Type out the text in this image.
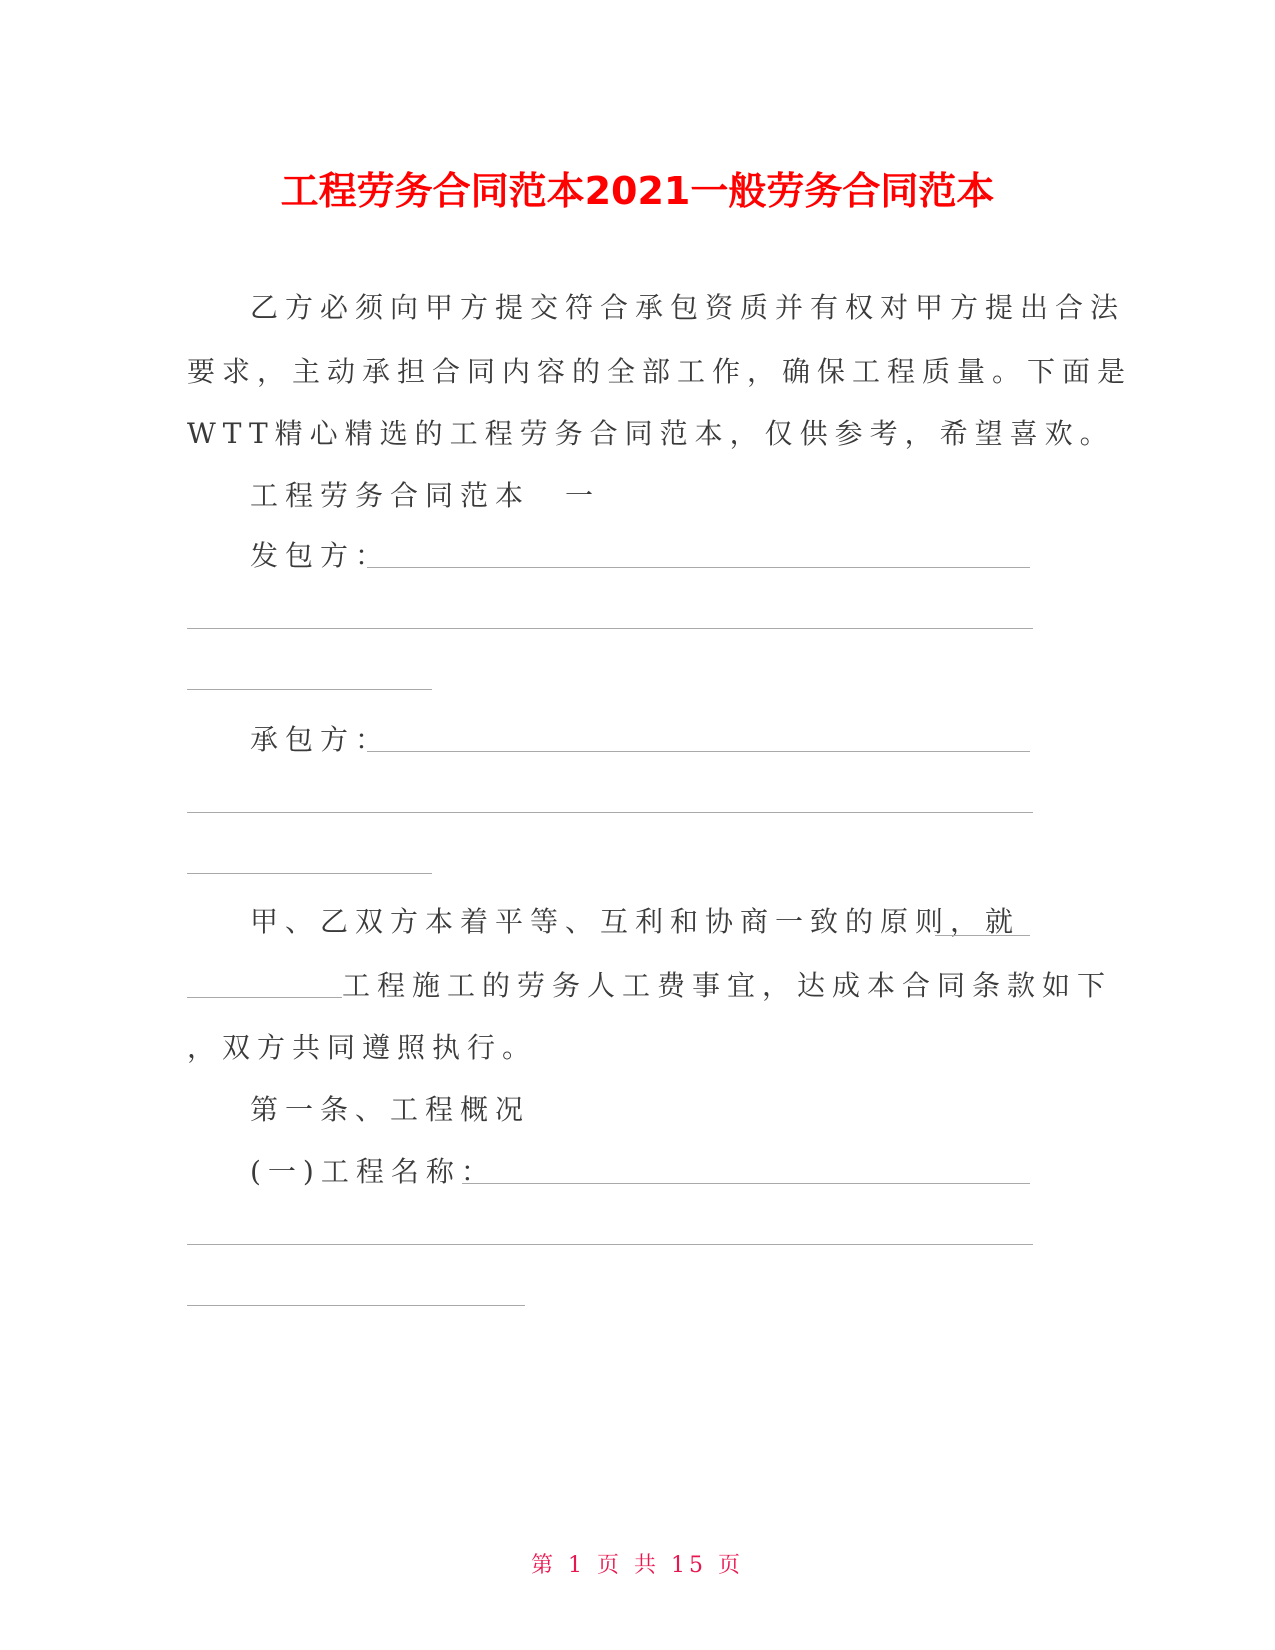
工程劳务合同范本2021一般劳务合同范本
乙方必须向甲方提交符合承包资质并有权对甲方提出合法
要求，主动承担合同内容的全部工作，确保工程质量。下面是
WTT精心精选的工程劳务合同范本，仅供参考，希望喜欢。
工程劳务合同范本　一
发包方：
承包方：
甲、乙双方本着平等、互利和协商一致的原则，就
工程施工的劳务人工费事宜，达成本合同条款如下
，双方共同遵照执行。
第一条、工程概况
(一)工程名称：
第 1 页 共 15 页
